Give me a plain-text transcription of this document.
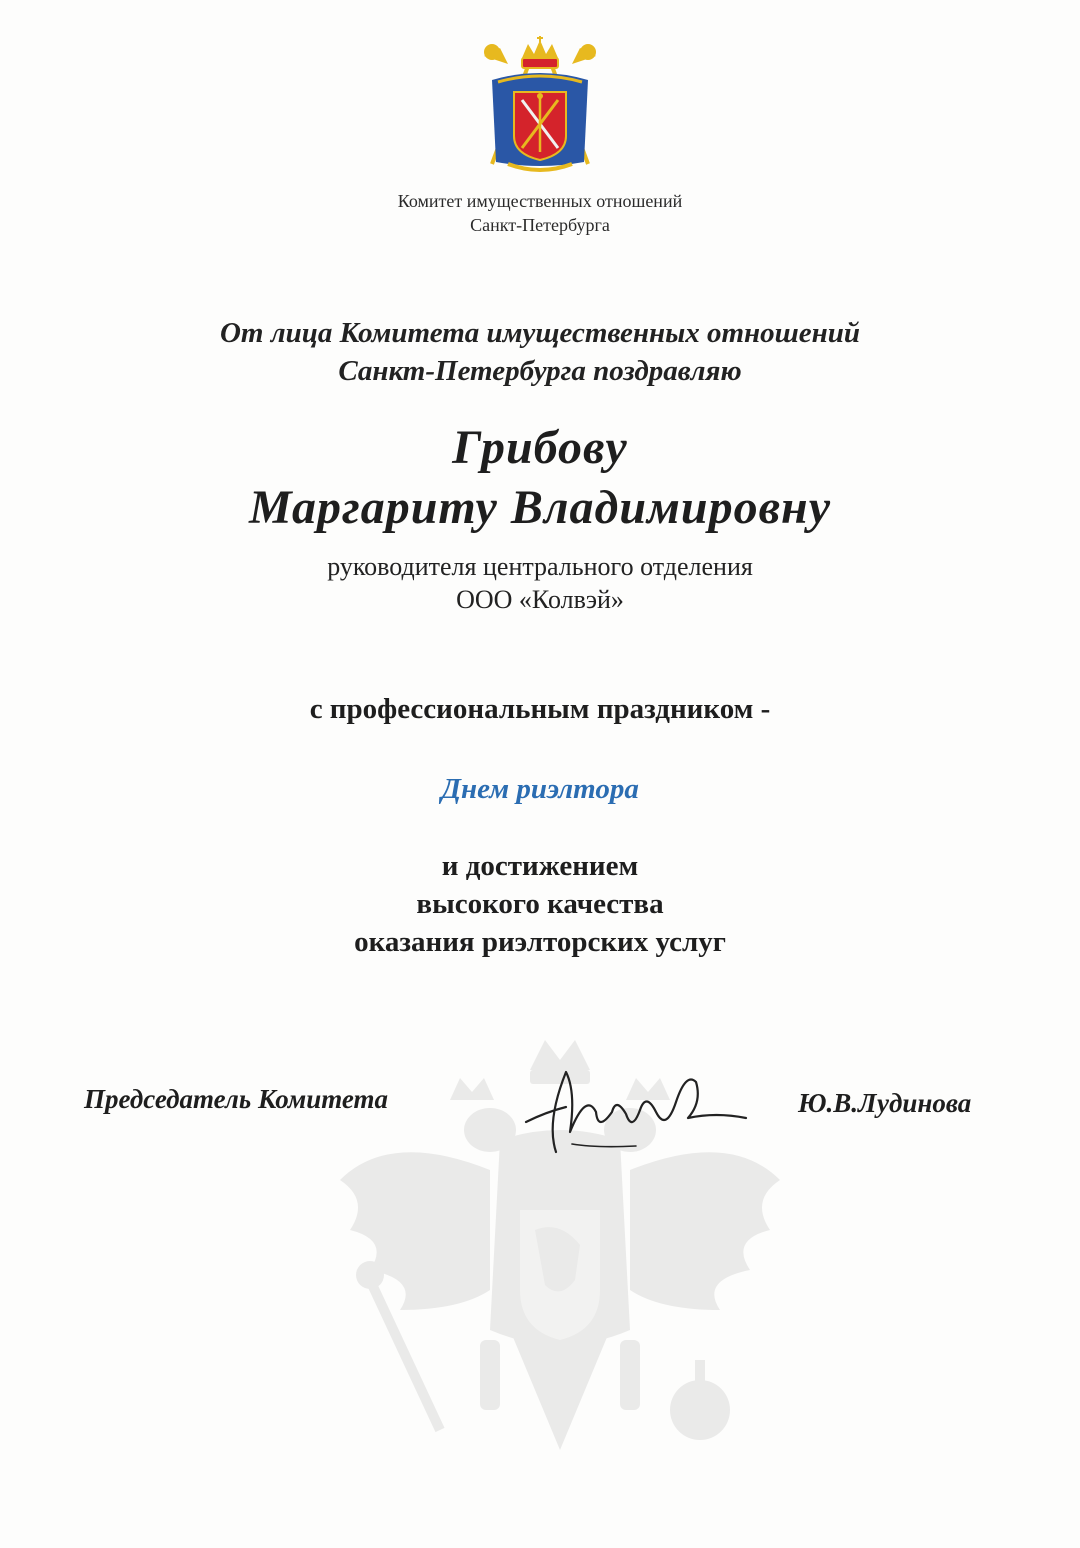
Комитет имущественных отношений
Санкт-Петербурга
От лица Комитета имущественных отношений
Санкт-Петербурга поздравляю
Грибову
Маргариту Владимировну
руководителя центрального отделения
ООО «Колвэй»
с профессиональным праздником -
Днем риэлтора
и достижением
высокого качества
оказания риэлторских услуг
Председатель Комитета	Ю.В.Лудинова
